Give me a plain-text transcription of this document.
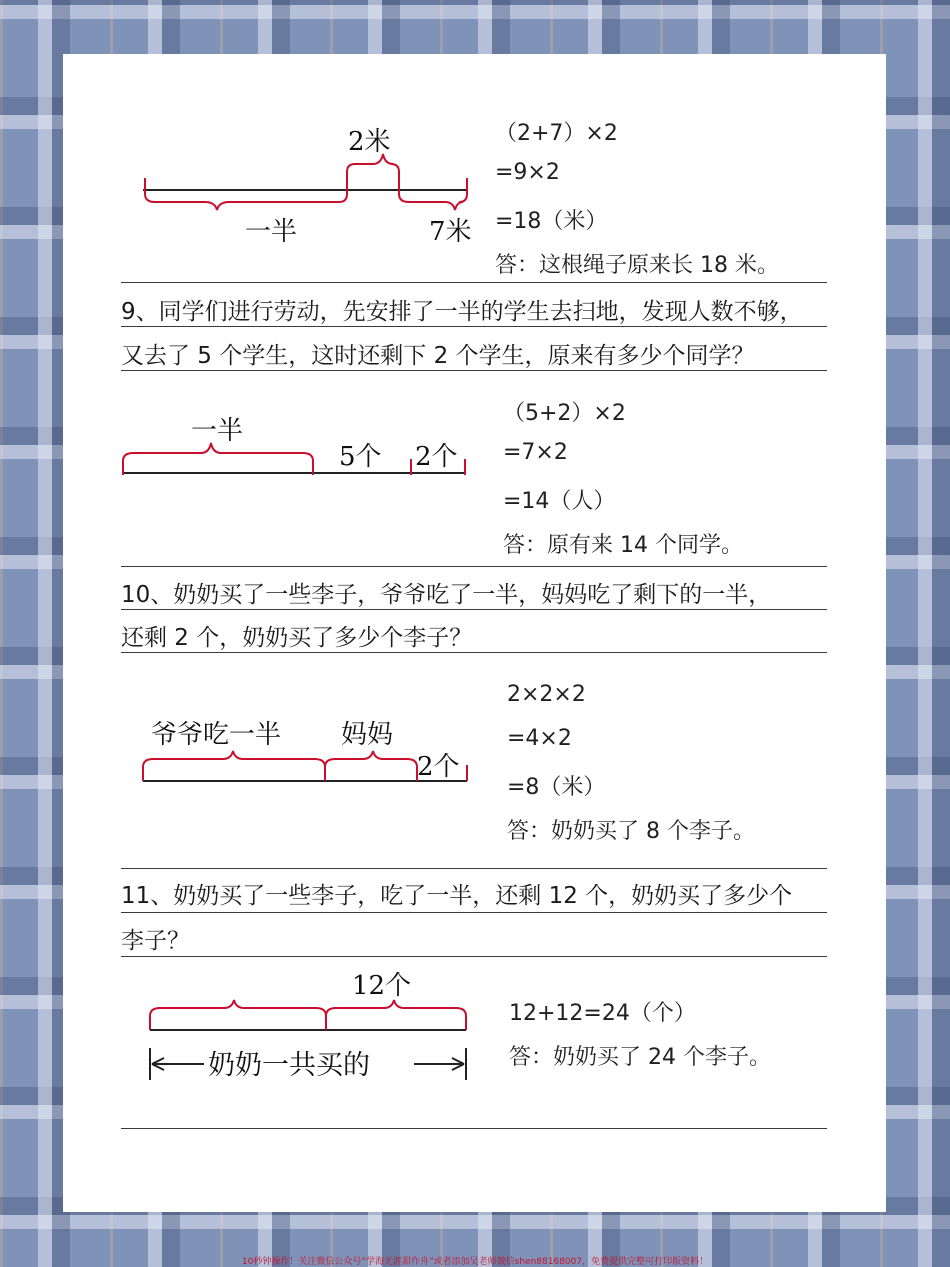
2米
一半	7米
（2+7）×2
=9×2
=18（米）
答：这根绳子原来长 18 米。
9、同学们进行劳动，先安排了一半的学生去扫地，发现人数不够，
又去了 5 个学生，这时还剩下 2 个学生，原来有多少个同学？
一半
5个 2个
（5+2）×2
=7×2
=14（人）
答：原有来 14 个同学。
10、奶奶买了一些李子，爷爷吃了一半，妈妈吃了剩下的一半，
还剩 2 个，奶奶买了多少个李子？
爷爷吃一半 妈妈
2个
2×2×2
=4×2
=8（米）
答：奶奶买了 8 个李子。
11、奶奶买了一些李子，吃了一半，还剩 12 个，奶奶买了多少个
李子？
12个
奶奶一共买的
12+12=24（个）
答：奶奶买了 24 个李子。
10秒钟操作！关注微信公众号“学海无涯甜作舟”或者添加吴老师微信shen88168007，免费提供完整可打印版资料！
